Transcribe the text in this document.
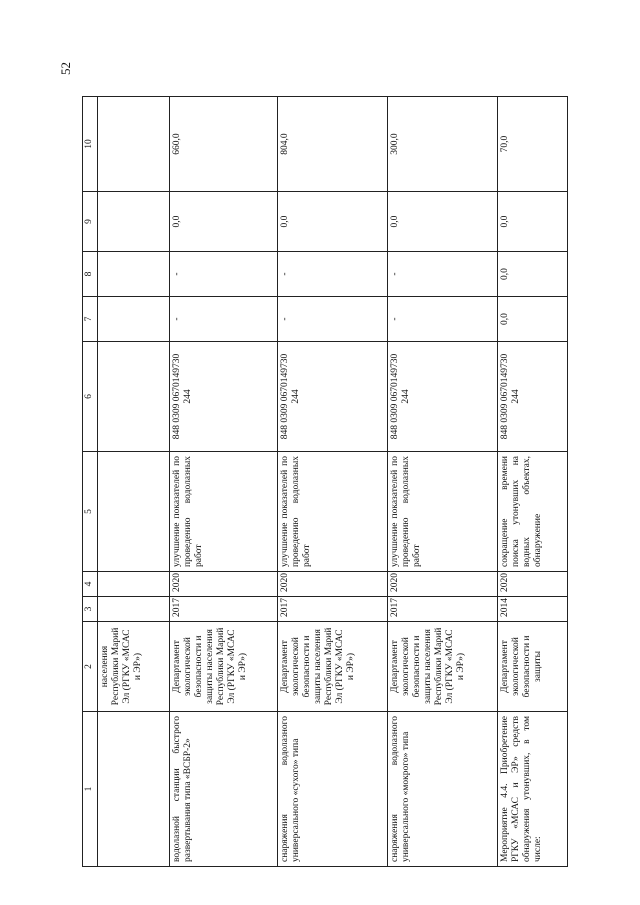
52
1	2	3	4	5	6	7	8	9	10
	населения Республики Марий Эл (РГКУ «МСАС и ЭР»)								
водолазной станции быстрого развертывания типа «ВСБР-2»	Департамент экологической безопасности и защиты населения Республики Марий Эл (РГКУ «МСАС и ЭР»)	2017	2020	улучшение показателей по проведению водолазных работ	848 0309 0670149730 244	-	-	0,0	660,0
снаряжения водолазного универсального «сухого» типа	Департамент экологической безопасности и защиты населения Республики Марий Эл (РГКУ «МСАС и ЭР»)	2017	2020	улучшение показателей по проведению водолазных работ	848 0309 0670149730 244	-	-	0,0	804,0
снаряжения водолазного универсального «мокрого» типа	Департамент экологической безопасности и защиты населения Республики Марий Эл (РГКУ «МСАС и ЭР»)	2017	2020	улучшение показателей по проведению водолазных работ	848 0309 0670149730 244	-	-	0,0	300,0
Мероприятие 4.4. Приобретение РГКУ «МСАС и ЭР» средств обнаружения утонувших, в том числе:	Департамент экологической безопасности и защиты	2014	2020	сокращение времени поиска утонувших на водных объектах, обнаружение	848 0309 0670149730 244	0,0	0,0	0,0	70,0
